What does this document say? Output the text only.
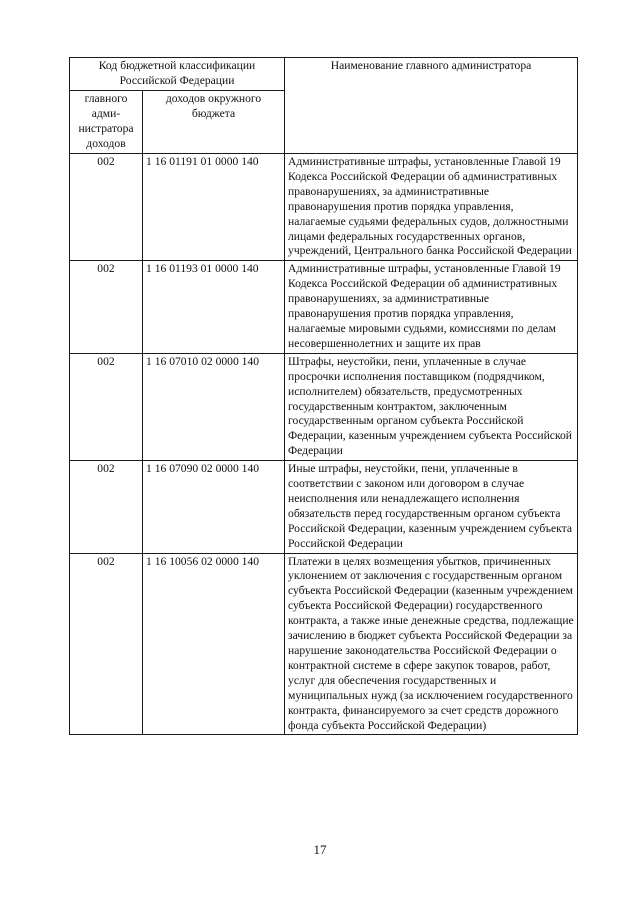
Код бюджетной классификации Российской Федерации		Наименование главного администратора
главного адми-нистратора доходов	доходов окружного бюджета	
002	1 16 01191 01 0000 140	Административные штрафы, установленные Главой 19 Кодекса Российской Федерации об административных правонарушениях, за административные правонарушения против порядка управления, налагаемые судьями федеральных судов, должностными лицами федеральных государственных органов, учреждений, Центрального банка Российской Федерации
002	1 16 01193 01 0000 140	Административные штрафы, установленные Главой 19 Кодекса Российской Федерации об административных правонарушениях, за административные правонарушения против порядка управления, налагаемые мировыми судьями, комиссиями по делам несовершеннолетних и защите их прав
002	1 16 07010 02 0000 140	Штрафы, неустойки, пени, уплаченные в случае просрочки исполнения поставщиком (подрядчиком, исполнителем) обязательств, предусмотренных государственным контрактом, заключенным государственным органом субъекта Российской Федерации, казенным учреждением субъекта Российской Федерации
002	1 16 07090 02 0000 140	Иные штрафы, неустойки, пени, уплаченные в соответствии с законом или договором в случае неисполнения или ненадлежащего исполнения обязательств перед государственным органом субъекта Российской Федерации, казенным учреждением субъекта Российской Федерации
002	1 16 10056 02 0000 140	Платежи в целях возмещения убытков, причиненных уклонением от заключения с государственным органом субъекта Российской Федерации (казенным учреждением субъекта Российской Федерации) государственного контракта, а также иные денежные средства, подлежащие зачислению в бюджет субъекта Российской Федерации за нарушение законодательства Российской Федерации о контрактной системе в сфере закупок товаров, работ, услуг для обеспечения государственных и муниципальных нужд (за исключением государственного контракта, финансируемого за счет средств дорожного фонда субъекта Российской Федерации)
17
